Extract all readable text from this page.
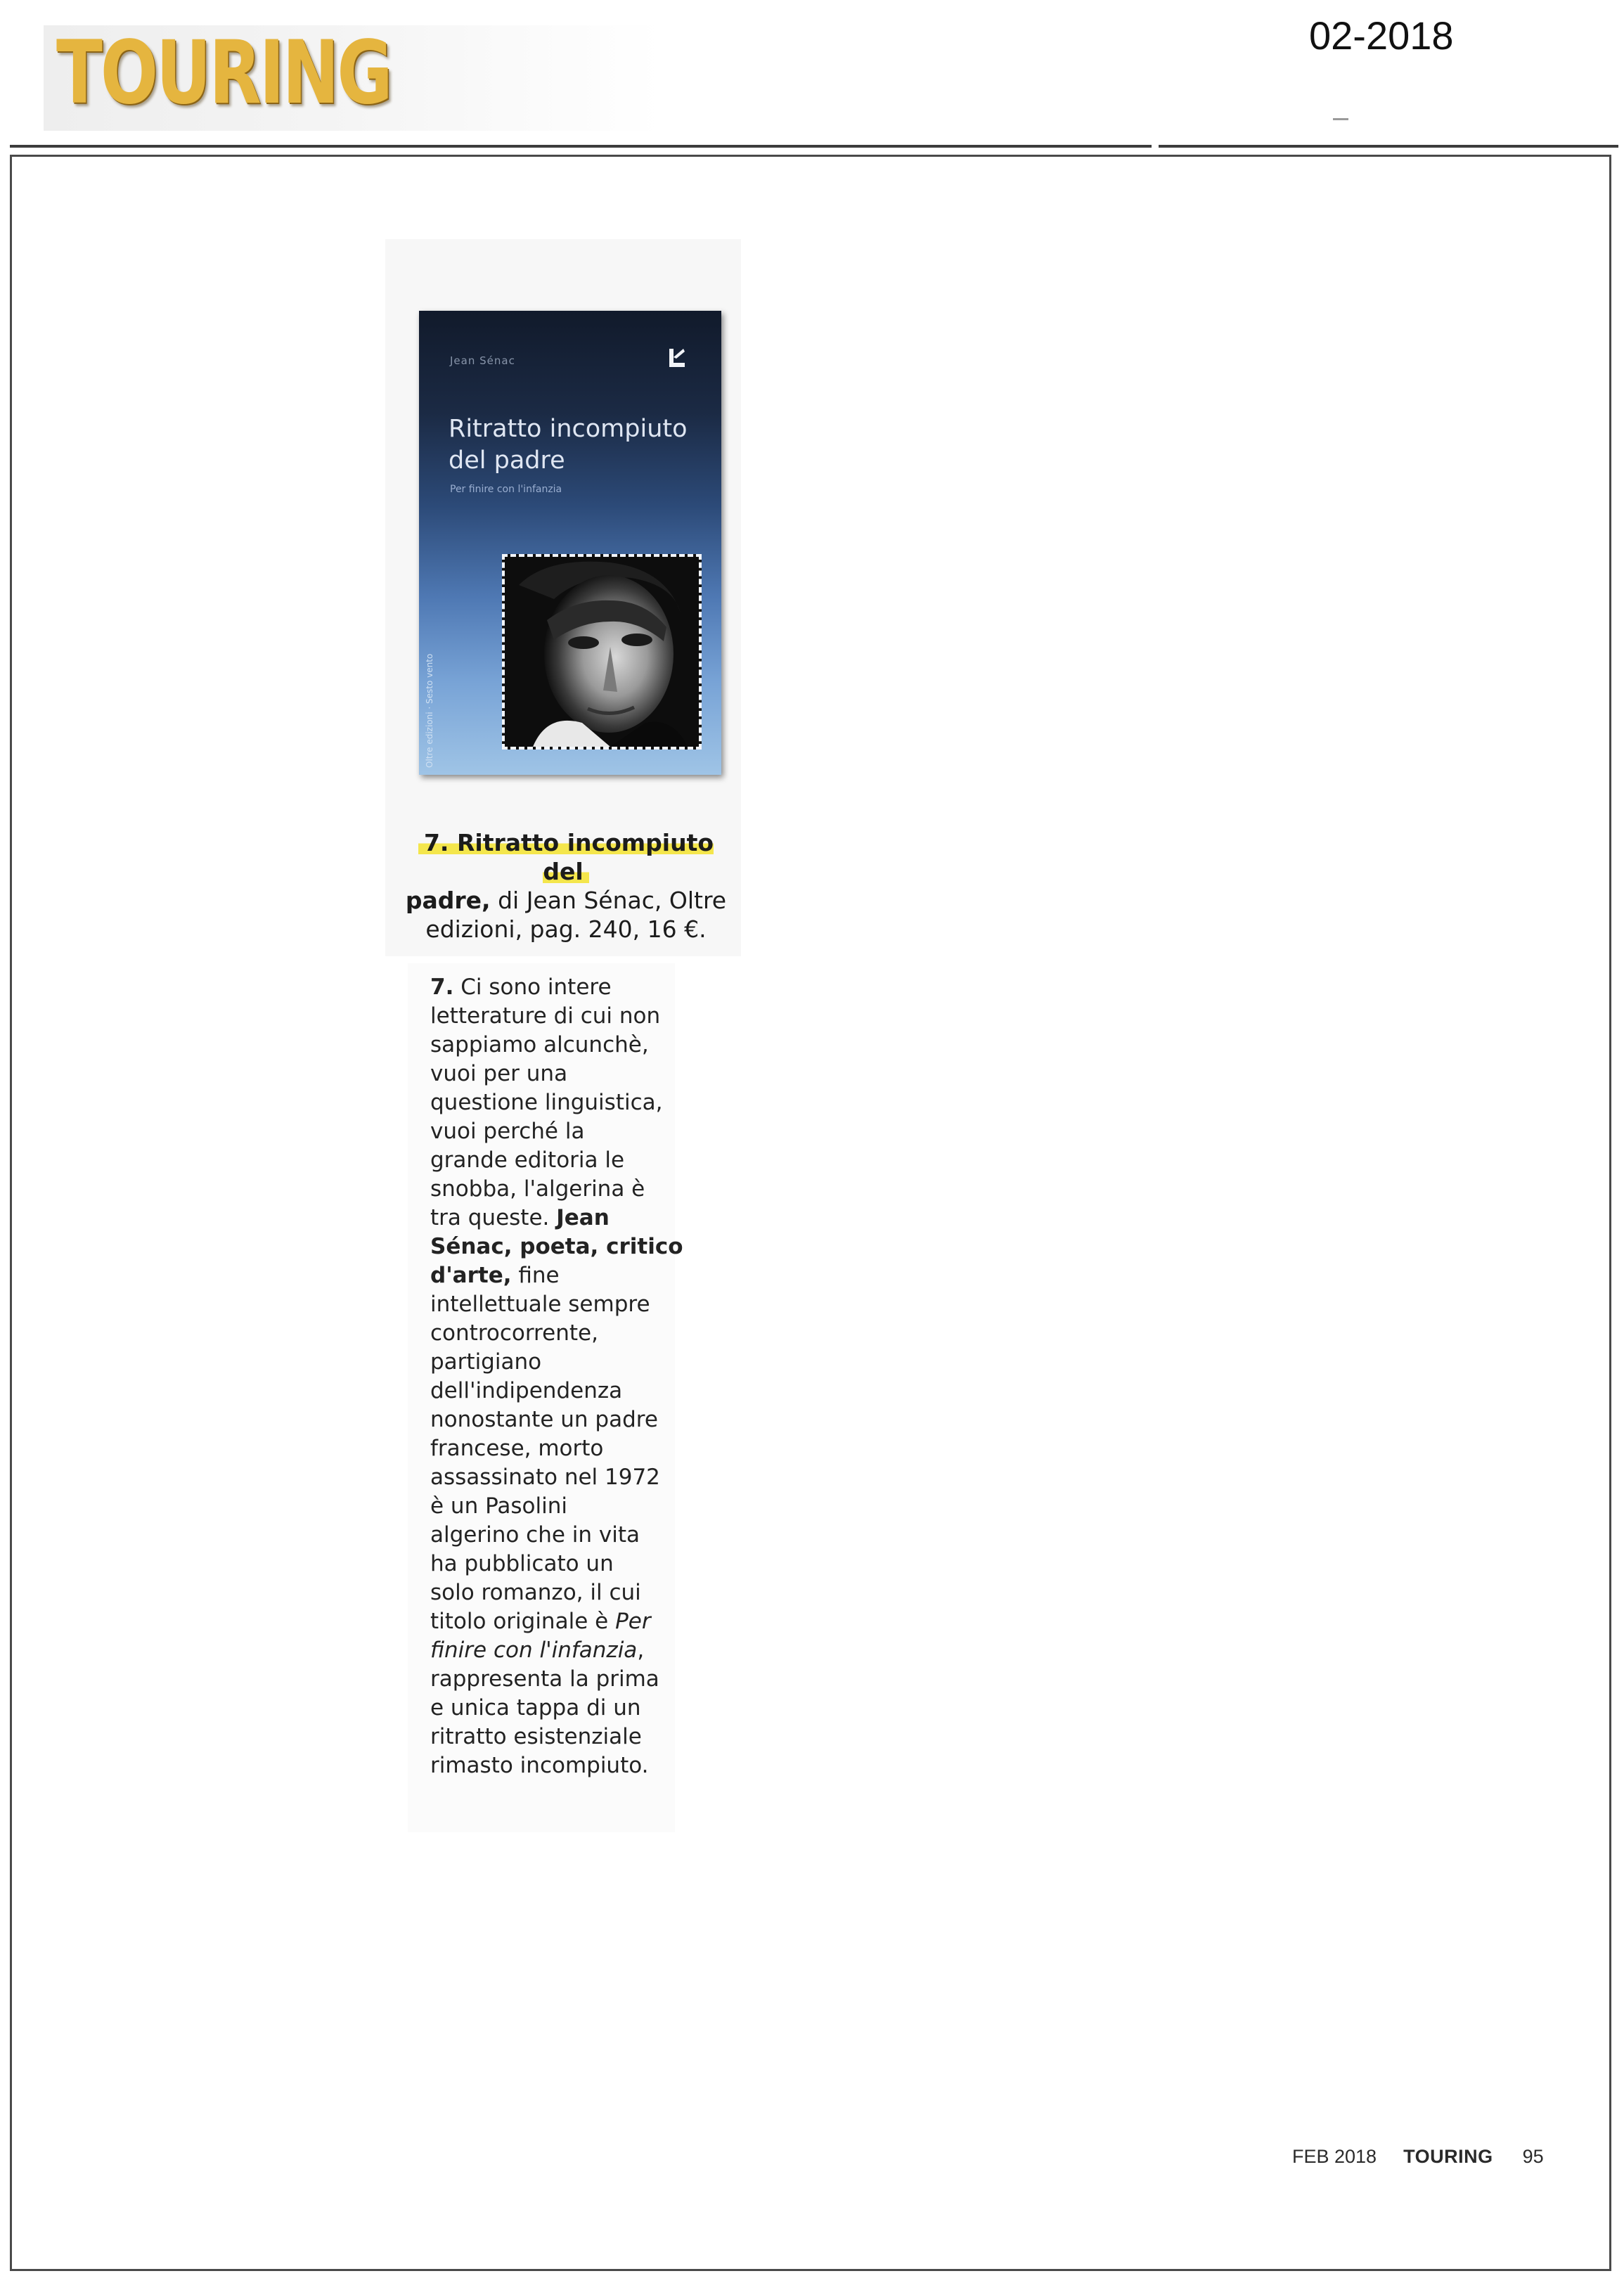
TOURING	02-2018
Jean Sénac
Ritratto incompiuto
del padre
Per finire con l'infanzia
Oltre edizioni · Sesto vento
7. Ritratto incompiuto del
padre, di Jean Sénac, Oltre
edizioni, pag. 240, 16 €.
7. Ci sono intere
letterature di cui non
sappiamo alcunchè,
vuoi per una
questione linguistica,
vuoi perché la
grande editoria le
snobba, l'algerina è
tra queste. Jean
Sénac, poeta, critico
d'arte, fine
intellettuale sempre
controcorrente,
partigiano
dell'indipendenza
nonostante un padre
francese, morto
assassinato nel 1972
è un Pasolini
algerino che in vita
ha pubblicato un
solo romanzo, il cui
titolo originale è Per
finire con l'infanzia,
rappresenta la prima
e unica tappa di un
ritratto esistenziale
rimasto incompiuto.
FEB 2018 TOURING 95
